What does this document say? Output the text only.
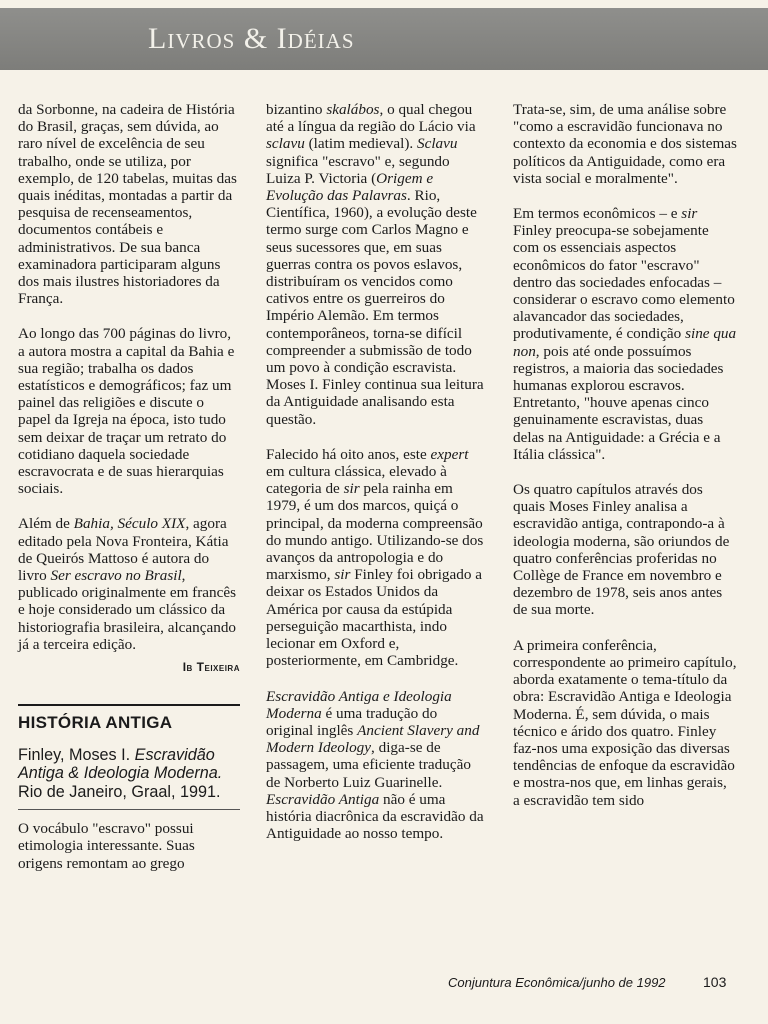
Livros & Idéias

da Sorbonne, na cadeira de História do Brasil, graças, sem dúvida, ao raro nível de excelência de seu trabalho, onde se utiliza, por exemplo, de 120 tabelas, muitas das quais inéditas, montadas a partir da pesquisa de recenseamentos, documentos contábeis e administrativos. De sua banca examinadora participaram alguns dos mais ilustres historiadores da França.

Ao longo das 700 páginas do livro, a autora mostra a capital da Bahia e sua região; trabalha os dados estatísticos e demográficos; faz um painel das religiões e discute o papel da Igreja na época, isto tudo sem deixar de traçar um retrato do cotidiano daquela sociedade escravocrata e de suas hierarquias sociais.

Além de Bahia, Século XIX, agora editado pela Nova Fronteira, Kátia de Queirós Mattoso é autora do livro Ser escravo no Brasil, publicado originalmente em francês e hoje considerado um clássico da historiografia brasileira, alcançando já a terceira edição.

Ib Teixeira
HISTÓRIA ANTIGA
Finley, Moses I. Escravidão Antiga & Ideologia Moderna. Rio de Janeiro, Graal, 1991.

O vocábulo "escravo" possui etimologia interessante. Suas origens remontam ao grego

bizantino skalábos, o qual chegou até a língua da região do Lácio via sclavu (latim medieval). Sclavu significa "escravo" e, segundo Luiza P. Victoria (Origem e Evolução das Palavras. Rio, Científica, 1960), a evolução deste termo surge com Carlos Magno e seus sucessores que, em suas guerras contra os povos eslavos, distribuíram os vencidos como cativos entre os guerreiros do Império Alemão. Em termos contemporâneos, torna-se difícil compreender a submissão de todo um povo à condição escravista. Moses I. Finley continua sua leitura da Antiguidade analisando esta questão.

Falecido há oito anos, este expert em cultura clássica, elevado à categoria de sir pela rainha em 1979, é um dos marcos, quiçá o principal, da moderna compreensão do mundo antigo. Utilizando-se dos avanços da antropologia e do marxismo, sir Finley foi obrigado a deixar os Estados Unidos da América por causa da estúpida perseguição macarthista, indo lecionar em Oxford e, posteriormente, em Cambridge.

Escravidão Antiga e Ideologia Moderna é uma tradução do original inglês Ancient Slavery and Modern Ideology, diga-se de passagem, uma eficiente tradução de Norberto Luiz Guarinelle. Escravidão Antiga não é uma história diacrônica da escravidão da Antiguidade ao nosso tempo.

Trata-se, sim, de uma análise sobre "como a escravidão funcionava no contexto da economia e dos sistemas políticos da Antiguidade, como era vista social e moralmente".

Em termos econômicos – e sir Finley preocupa-se sobejamente com os essenciais aspectos econômicos do fator "escravo" dentro das sociedades enfocadas – considerar o escravo como elemento alavancador das sociedades, produtivamente, é condição sine qua non, pois até onde possuímos registros, a maioria das sociedades humanas explorou escravos. Entretanto, "houve apenas cinco genuinamente escravistas, duas delas na Antiguidade: a Grécia e a Itália clássica".

Os quatro capítulos através dos quais Moses Finley analisa a escravidão antiga, contrapondo-a à ideologia moderna, são oriundos de quatro conferências proferidas no Collège de France em novembro e dezembro de 1978, seis anos antes de sua morte.

A primeira conferência, correspondente ao primeiro capítulo, aborda exatamente o tema-título da obra: Escravidão Antiga e Ideologia Moderna. É, sem dúvida, o mais técnico e árido dos quatro. Finley faz-nos uma exposição das diversas tendências de enfoque da escravidão e mostra-nos que, em linhas gerais, a escravidão tem sido

Conjuntura Econômica/junho de 1992	103
